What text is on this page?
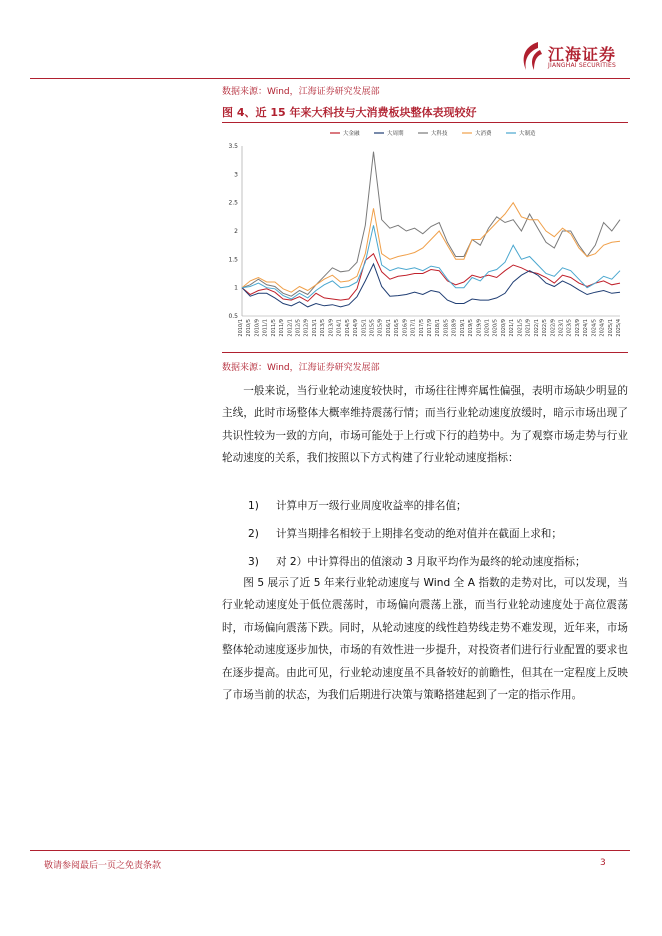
江海证券
JIANGHAI SECURITIES
数据来源：Wind，江海证券研究发展部
图 4、近 15 年来大科技与大消费板块整体表现较好
大金融	大周期	大科技	大消费	大制造
0.5
1
1.5
2
2.5
3
3.5
2010/1 2010/5 2010/9 2011/1 2011/5 2011/9 2012/1 2012/5 2012/9 2013/1 2013/5 2013/9 2014/1 2014/5 2014/9 2015/1 2015/5 2015/9 2016/1 2016/5 2016/9 2017/1 2017/5 2017/9 2018/1 2018/5 2018/9 2019/1 2019/5 2019/9 2020/1 2020/5 2020/9 2021/1 2021/5 2021/9 2022/1 2022/5 2022/9 2023/1 2023/5 2023/9 2024/1 2024/5 2024/9 2025/1 2025/4
数据来源：Wind，江海证券研究发展部
一般来说，当行业轮动速度较快时，市场往往博弈属性偏强，表明市场缺少明显的主线，此时市场整体大概率维持震荡行情；而当行业轮动速度放缓时，暗示市场出现了共识性较为一致的方向，市场可能处于上行或下行的趋势中。为了观察市场走势与行业轮动速度的关系，我们按照以下方式构建了行业轮动速度指标：
1) 计算申万一级行业周度收益率的排名值；
2) 计算当期排名相较于上期排名变动的绝对值并在截面上求和；
3) 对 2）中计算得出的值滚动 3 月取平均作为最终的轮动速度指标；
图 5 展示了近 5 年来行业轮动速度与 Wind 全 A 指数的走势对比，可以发现，当行业轮动速度处于低位震荡时，市场偏向震荡上涨，而当行业轮动速度处于高位震荡时，市场偏向震荡下跌。同时，从轮动速度的线性趋势线走势不难发现，近年来，市场整体轮动速度逐步加快，市场的有效性进一步提升，对投资者们进行行业配置的要求也在逐步提高。由此可见，行业轮动速度虽不具备较好的前瞻性，但其在一定程度上反映了市场当前的状态，为我们后期进行决策与策略搭建起到了一定的指示作用。
敬请参阅最后一页之免责条款	3
